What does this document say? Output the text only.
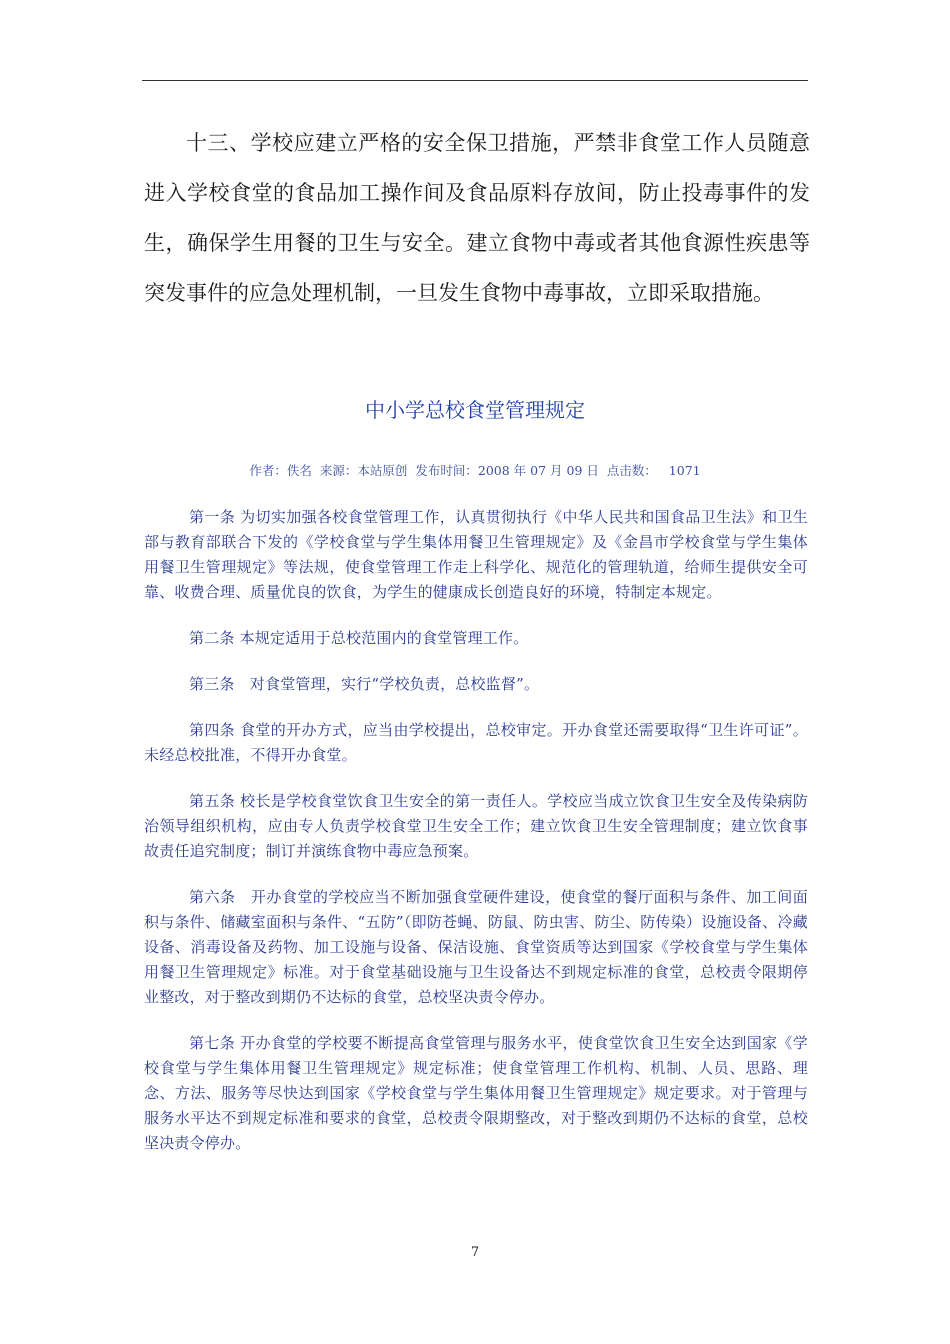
十三、学校应建立严格的安全保卫措施，严禁非食堂工作人员随意进入学校食堂的食品加工操作间及食品原料存放间，防止投毒事件的发生，确保学生用餐的卫生与安全。建立食物中毒或者其他食源性疾患等突发事件的应急处理机制，一旦发生食物中毒事故，立即采取措施。

中小学总校食堂管理规定
作者：佚名 来源：本站原创 发布时间：2008 年 07 月 09 日 点击数： 1071

第一条 为切实加强各校食堂管理工作，认真贯彻执行《中华人民共和国食品卫生法》和卫生部与教育部联合下发的《学校食堂与学生集体用餐卫生管理规定》及《金昌市学校食堂与学生集体用餐卫生管理规定》等法规，使食堂管理工作走上科学化、规范化的管理轨道，给师生提供安全可靠、收费合理、质量优良的饮食，为学生的健康成长创造良好的环境，特制定本规定。

第二条 本规定适用于总校范围内的食堂管理工作。

第三条　对食堂管理，实行“学校负责，总校监督”。

第四条 食堂的开办方式，应当由学校提出，总校审定。开办食堂还需要取得“卫生许可证”。未经总校批准，不得开办食堂。

第五条 校长是学校食堂饮食卫生安全的第一责任人。学校应当成立饮食卫生安全及传染病防治领导组织机构，应由专人负责学校食堂卫生安全工作；建立饮食卫生安全管理制度；建立饮食事故责任追究制度；制订并演练食物中毒应急预案。

第六条　开办食堂的学校应当不断加强食堂硬件建设，使食堂的餐厅面积与条件、加工间面积与条件、储藏室面积与条件、“五防”（即防苍蝇、防鼠、防虫害、防尘、防传染）设施设备、冷藏设备、消毒设备及药物、加工设施与设备、保洁设施、食堂资质等达到国家《学校食堂与学生集体用餐卫生管理规定》标准。对于食堂基础设施与卫生设备达不到规定标准的食堂，总校责令限期停业整改，对于整改到期仍不达标的食堂，总校坚决责令停办。

第七条 开办食堂的学校要不断提高食堂管理与服务水平，使食堂饮食卫生安全达到国家《学校食堂与学生集体用餐卫生管理规定》规定标准；使食堂管理工作机构、机制、人员、思路、理念、方法、服务等尽快达到国家《学校食堂与学生集体用餐卫生管理规定》规定要求。对于管理与服务水平达不到规定标准和要求的食堂，总校责令限期整改，对于整改到期仍不达标的食堂，总校坚决责令停办。

7
